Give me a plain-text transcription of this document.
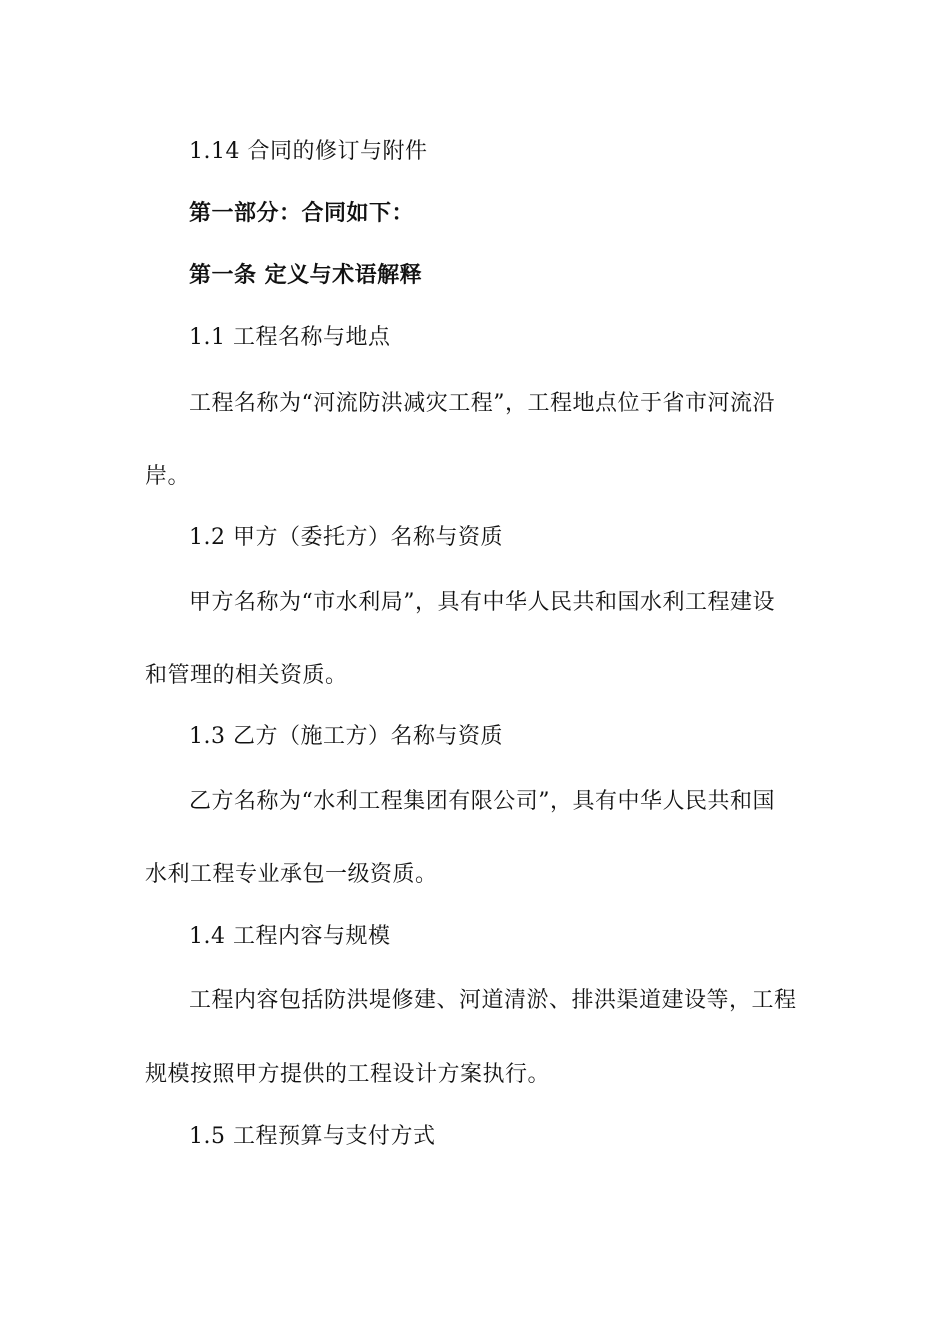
1.14 合同的修订与附件
第一部分：合同如下：
第一条 定义与术语解释
1.1 工程名称与地点
工程名称为“河流防洪减灾工程”，工程地点位于省市河流沿
岸。
1.2 甲方（委托方）名称与资质
甲方名称为“市水利局”，具有中华人民共和国水利工程建设
和管理的相关资质。
1.3 乙方（施工方）名称与资质
乙方名称为“水利工程集团有限公司”，具有中华人民共和国
水利工程专业承包一级资质。
1.4 工程内容与规模
工程内容包括防洪堤修建、河道清淤、排洪渠道建设等，工程
规模按照甲方提供的工程设计方案执行。
1.5 工程预算与支付方式
